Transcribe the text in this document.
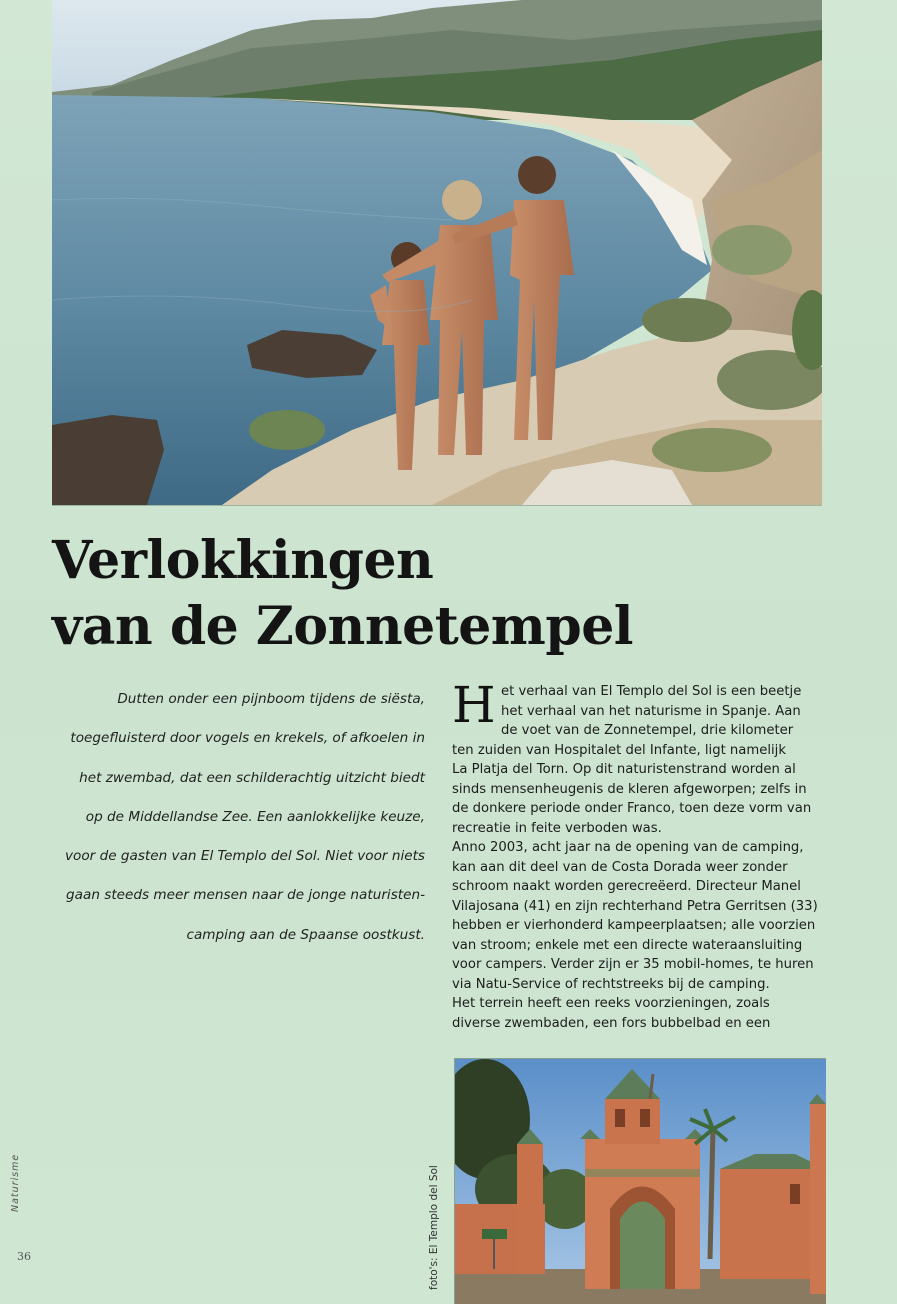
Verlokkingen
van de Zonnetempel
Dutten onder een pijnboom tijdens de siësta,
toegefluisterd door vogels en krekels, of afkoelen in
het zwembad, dat een schilderachtig uitzicht biedt
op de Middellandse Zee. Een aanlokkelijke keuze,
voor de gasten van El Templo del Sol. Niet voor niets
gaan steeds meer mensen naar de jonge naturisten-
camping aan de Spaanse oostkust.
H et verhaal van El Templo del Sol is een beetje
het verhaal van het naturisme in Spanje. Aan
de voet van de Zonnetempel, drie kilometer
ten zuiden van Hospitalet del Infante, ligt namelijk
La Platja del Torn. Op dit naturistenstrand worden al
sinds mensenheugenis de kleren afgeworpen; zelfs in
de donkere periode onder Franco, toen deze vorm van
recreatie in feite verboden was.
Anno 2003, acht jaar na de opening van de camping,
kan aan dit deel van de Costa Dorada weer zonder
schroom naakt worden gerecreëerd. Directeur Manel
Vilajosana (41) en zijn rechterhand Petra Gerritsen (33)
hebben er vierhonderd kampeerplaatsen; alle voorzien
van stroom; enkele met een directe wateraansluiting
voor campers. Verder zijn er 35 mobil-homes, te huren
via Natu-Service of rechtstreeks bij de camping.
Het terrein heeft een reeks voorzieningen, zoals
diverse zwembaden, een fors bubbelbad en een
foto's: El Templo del Sol
Naturisme
36
